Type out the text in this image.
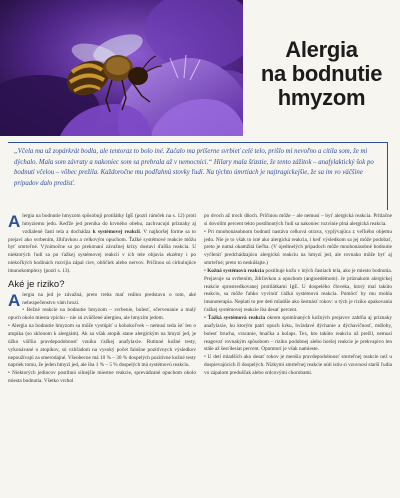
Alergia
na bodnutie
hmyzom

„Včela ma už zopárkrát bodla, ale tentoraz to bolo iné. Začalo ma príšerne svrbieť celé telo, prišlo mi nevoľno a cítila som, že mi dýchalo. Mala som závraty a nakoniec som sa prebrala až v nemocnici.“ Hilary mala šťastie, že tento zážitok – anafylaktický šok po bodnutí včelou – vôbec prežila. Každoročne mu podľahnú stovky ľudí. Na týchto úmrtiach je najtragickejšie, že sa im vo väčšine prípadov dalo predísť.

Alergia na bodnutie hmyzom spôsobuji protilátky IgE (pozri rámček na s. 12) proti hmyziemu jedu. Keďže jed prenikа do krvného obehu, zachvacujú príznaky aj vzdialené časti tela a dochádza k systémovej reakcii. V najhoršej forme sa to prejaví ako svrbenim, žihľavkou a celkovým opuchom. Ťažké systémové reakcie môžu byť smrteľné. Výnimočne sa po prekonaní závažnej krízy dostaví ďalšia reakcia. U niektorých ľudí sa po ťažkej systémovej reakcii v ich tele objavia ekzémy i po niekoľkých hodinách rozvijia zápal ciev, obličiek alebo nervov. Príčinou sú cirkulujúce imunokomplexy (pozri s. 13).

Aké je riziko?

Alergia na jed je závažná, preto treba mať reálnu predstavu o tom, aké nebezpečenstvo vám hrozí.

• Bežné reakcie na bodnutie hmyzom – svrbenie, bolesť, sčervenanie a malý opuch okolo miesta vpichu – nie sú zväčšené alergiou, ale hmyzím jedom.

• Alergia na bodnutie hmyzom sa môže vystúpiť u kohokoľvek – nemusí teda ísť len o atopika (so sklonom k alergiám). Ak sa však atopik stane alergickým na hmyzí jed, je úžko väčšia pravdepodobnosť vzniku ťažkej anafylaxie. Rutinné kožné testy, vykonávané u atopikov, sú vzhľadom na vysoký počet falošne pozitívnych výsledkov nepoužívajú za smerodajné. Všeobecne má 10 % – 30 % dospelých pozitívne kožné testy napriek tomu, že jeden hmyzí jed, ale iba 1 % – 5 % dospelých má systémovú reakciu.

• Niektorých jedincov postihnú silnejšie miestne reakcie, sprevádzané opuchom okolo miesta bodnutia. Všetko vrchol

po dvoch až troch dňoch. Príčinou môže – ale nemusí – byť alergická reakcia. Prítlačne si dovolím percent tekto postihnutých ľudí sa nakoniec rozvinie plná alergická reakcia.

• Pri mnohonásobnom bodnutí nastáva celková otrava, vyplývajúca z veľkého objemu jedu. Nie je to však to isté ako alergická reakcia, i keď výsledkom sa jej môže podobať, preto je nutná okamžitá liečba. (V ojedinelých prípadoch môže mnohonásobné bodnutie vyčleniť predchádzajúcu alergickú reakciu na hmyzí jed, ale rovnako môže byť aj smrteľné; preto to neskúšajte.)

• Kožná systémová reakcia postihuje kožu v iných častiach tela, ako je miesto bodnutia. Prejavuje sa svrbením, žihľavkou a opuchom (angioedémom). Je príznakom alergickej reakcie sprostredkovanej protilátkami IgE. U dospelého človeka, ktorý mal takúto reakciu, sa môže ľahko vyvinúť ťažká systémová reakcia. Pomôcť by mu mohla imunoterapia. Neplatí to pre deti mladšie ako šestnásť rokov: u tých je riziko opakovania ťažkej systémovej reakcie iba desať percent.

• Ťažká systémová reakcia okrem spomínaných kožných prejavov zahŕňa aj príznaky anafylaxie, ku ktorým patrí opuch krku, hvízdavé dýchanie a dýchavičnosť, mdloby, bolesť brucha, vracanie, hnačka a kolaps. Tex, kto takúto reakciu už prežil, nemusí reagovať rovnakým spôsobom – riziko podobnej alebo horšej reakcie je prekvapivo len stále až šesťdesiat percent. Opomtorí je však namieste.

• U detí mladších ako desať rokov je menšia pravdepodobnosť smrteľnej reakcie než u dospievajúcich či dospelých. Nízkymi smrteľnej reakcie núti istiu si vzuvnosí starší ľudia vo zápalom preduščak alebo srdcovými chorobami.
